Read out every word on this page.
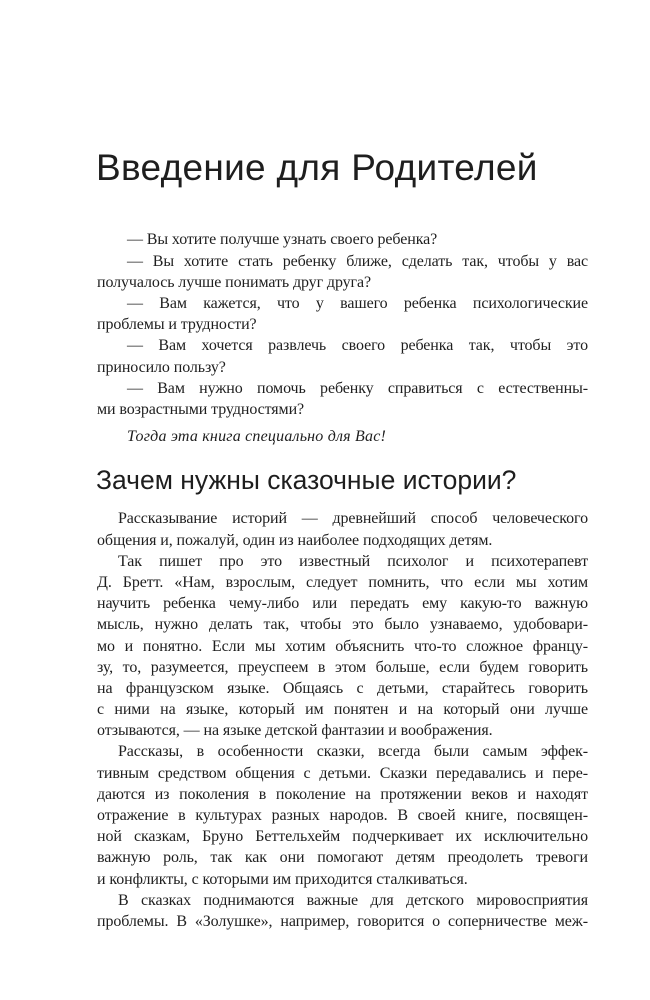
Введение для Родителей
— Вы хотите получше узнать своего ребенка?
— Вы хотите стать ребенку ближе, сделать так, чтобы у вас
получалось лучше понимать друг друга?
— Вам кажется, что у вашего ребенка психологические
проблемы и трудности?
— Вам хочется развлечь своего ребенка так, чтобы это
приносило пользу?
— Вам нужно помочь ребенку справиться с естественны-
ми возрастными трудностями?
Тогда эта книга специально для Вас!
Зачем нужны сказочные истории?
Рассказывание историй — древнейший способ человеческого
общения и, пожалуй, один из наиболее подходящих детям.
Так пишет про это известный психолог и психотерапевт
Д. Бретт. «Нам, взрослым, следует помнить, что если мы хотим
научить ребенка чему-либо или передать ему какую-то важную
мысль, нужно делать так, чтобы это было узнаваемо, удобовари-
мо и понятно. Если мы хотим объяснить что-то сложное францу-
зу, то, разумеется, преуспеем в этом больше, если будем говорить
на французском языке. Общаясь с детьми, старайтесь говорить
с ними на языке, который им понятен и на который они лучше
отзываются, — на языке детской фантазии и воображения.
Рассказы, в особенности сказки, всегда были самым эффек-
тивным средством общения с детьми. Сказки передавались и пере-
даются из поколения в поколение на протяжении веков и находят
отражение в культурах разных народов. В своей книге, посвящен-
ной сказкам, Бруно Беттельхейм подчеркивает их исключительно
важную роль, так как они помогают детям преодолеть тревоги
и конфликты, с которыми им приходится сталкиваться.
В сказках поднимаются важные для детского мировосприятия
проблемы. В «Золушке», например, говорится о соперничестве меж-
